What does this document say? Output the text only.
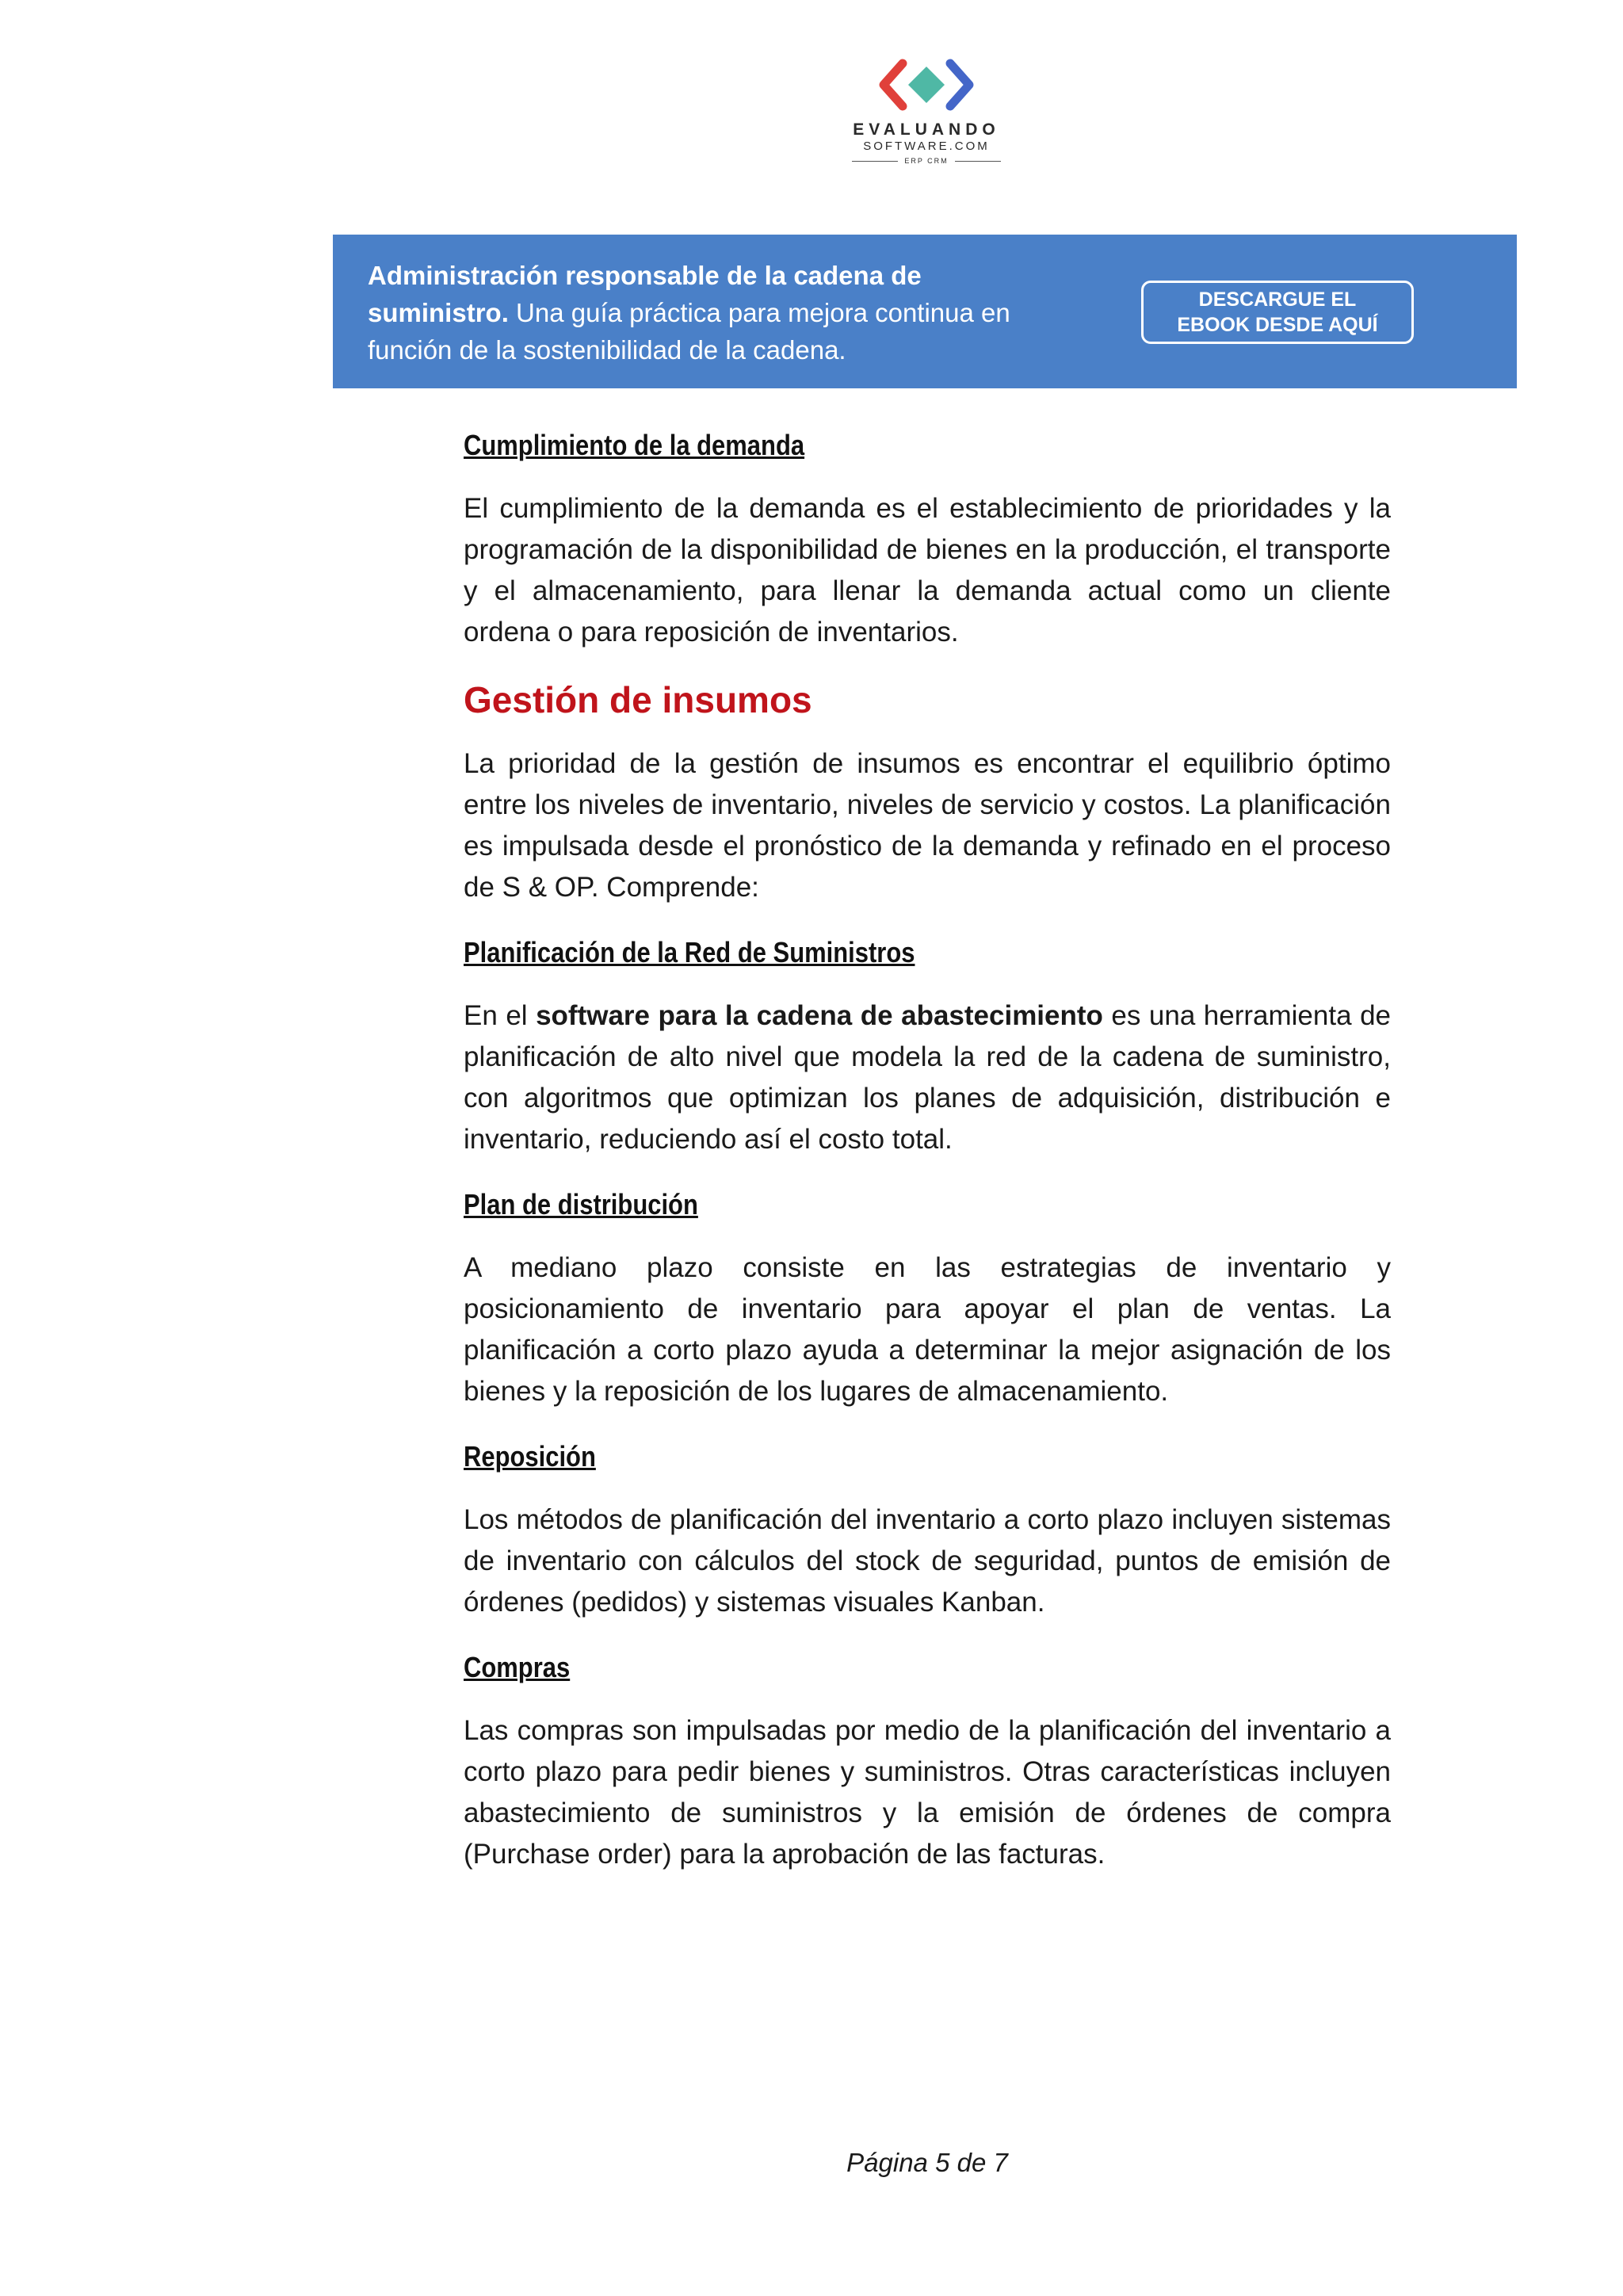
EVALUANDO
SOFTWARE.COM
ERP CRM
Administración responsable de la cadena de suministro. Una guía práctica para mejora continua en función de la sostenibilidad de la cadena.
DESCARGUE EL
EBOOK DESDE AQUÍ
Cumplimiento de la demanda

El cumplimiento de la demanda es el establecimiento de prioridades y la programación de la disponibilidad de bienes en la producción, el transporte y el almacenamiento, para llenar la demanda actual como un cliente ordena o para reposición de inventarios.

Gestión de insumos

La prioridad de la gestión de insumos es encontrar el equilibrio óptimo entre los niveles de inventario, niveles de servicio y costos. La planificación es impulsada desde el pronóstico de la demanda y refinado en el proceso de S & OP. Comprende:

Planificación de la Red de Suministros

En el software para la cadena de abastecimiento es una herramienta de planificación de alto nivel que modela la red de la cadena de suministro, con algoritmos que optimizan los planes de adquisición, distribución e inventario, reduciendo así el costo total.

Plan de distribución

A mediano plazo consiste en las estrategias de inventario y posicionamiento de inventario para apoyar el plan de ventas. La planificación a corto plazo ayuda a determinar la mejor asignación de los bienes y la reposición de los lugares de almacenamiento.

Reposición

Los métodos de planificación del inventario a corto plazo incluyen sistemas de inventario con cálculos del stock de seguridad, puntos de emisión de órdenes (pedidos) y sistemas visuales Kanban.

Compras

Las compras son impulsadas por medio de la planificación del inventario a corto plazo para pedir bienes y suministros. Otras características incluyen abastecimiento de suministros y la emisión de órdenes de compra (Purchase order) para la aprobación de las facturas.

Página 5 de 7
